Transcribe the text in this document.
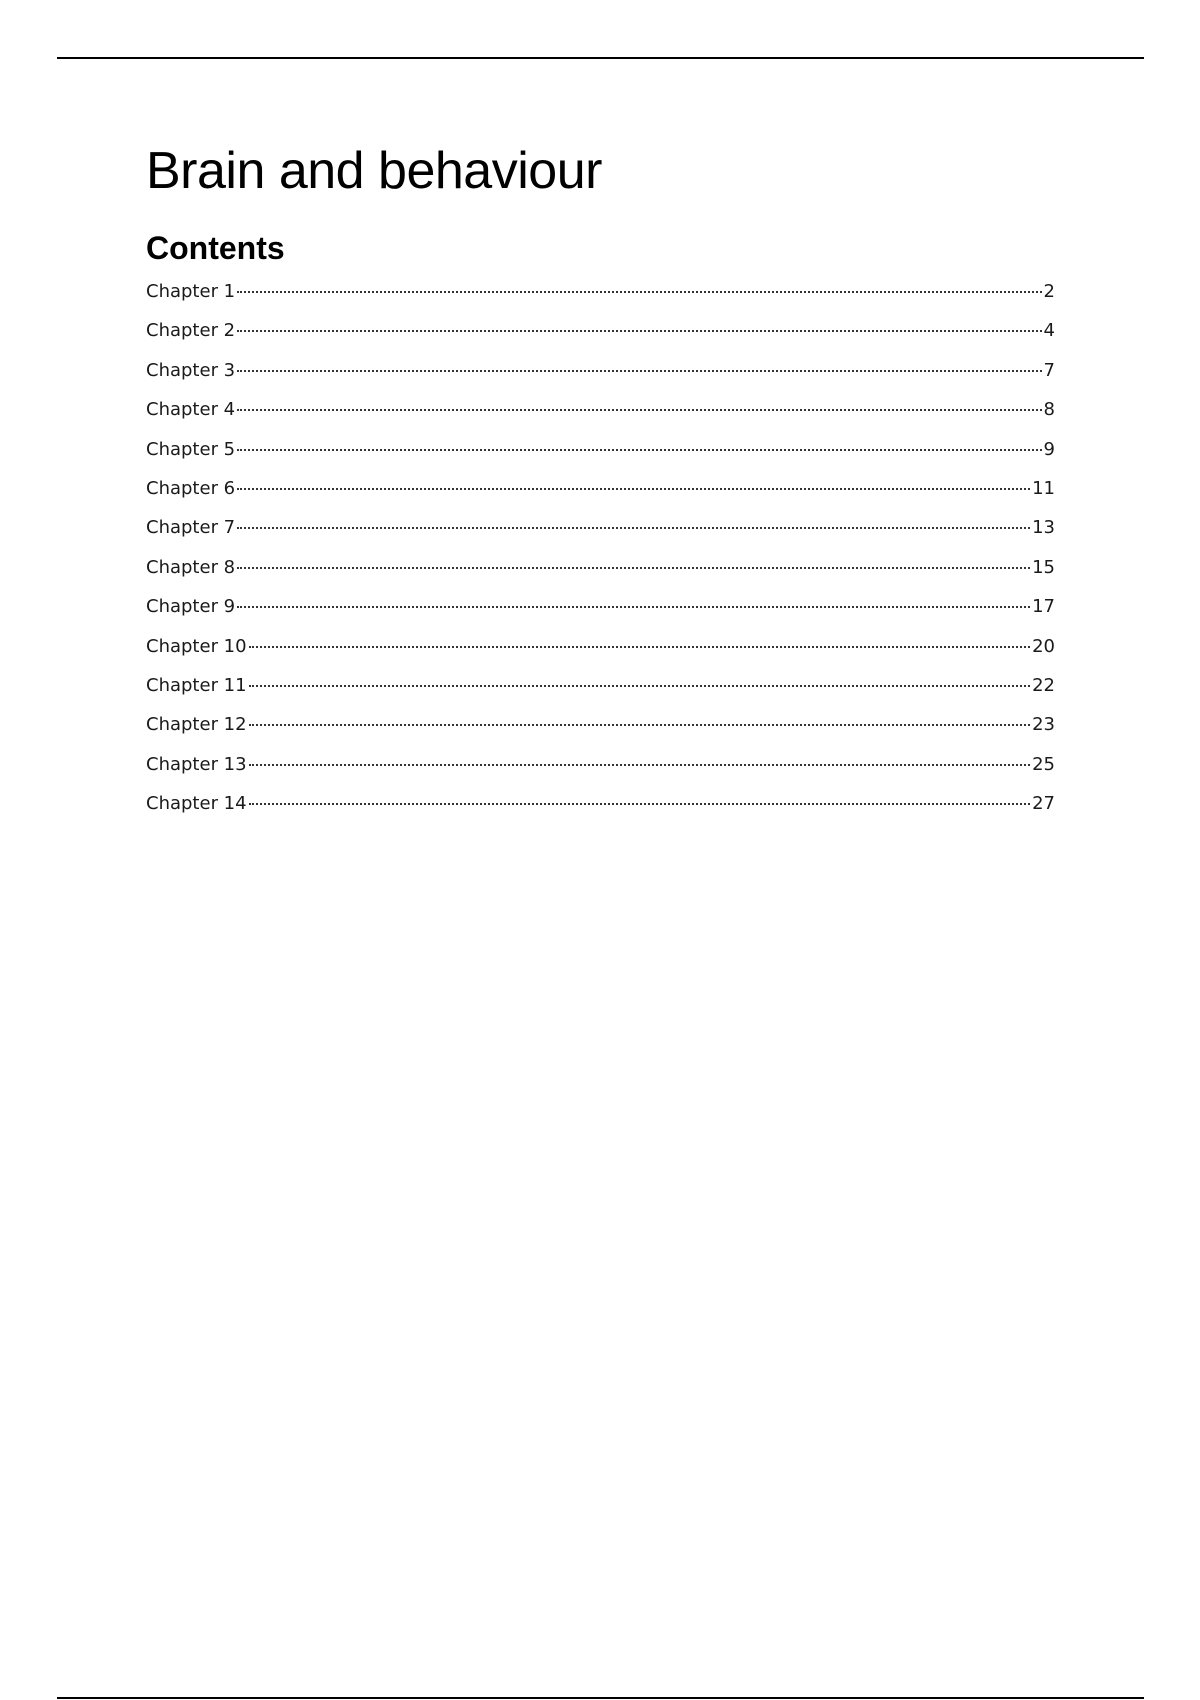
Brain and behaviour
Contents
Chapter 1	2
Chapter 2	4
Chapter 3	7
Chapter 4	8
Chapter 5	9
Chapter 6	11
Chapter 7	13
Chapter 8	15
Chapter 9	17
Chapter 10	20
Chapter 11	22
Chapter 12	23
Chapter 13	25
Chapter 14	27
